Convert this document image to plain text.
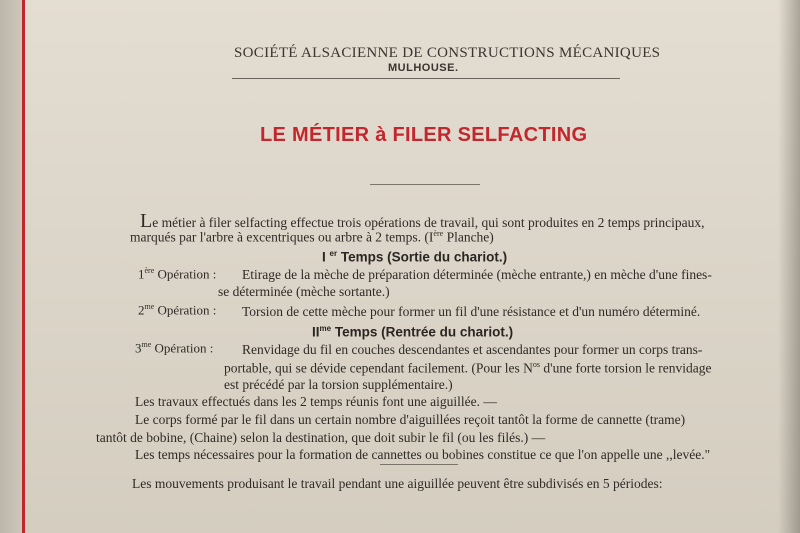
SOCIÉTÉ ALSACIENNE DE CONSTRUCTIONS MÉCANIQUES
MULHOUSE.
LE MÉTIER à FILER SELFACTING
Le métier à filer selfacting effectue trois opérations de travail, qui sont produites en 2 temps principaux,
marqués par l'arbre à excentriques ou arbre à 2 temps. (Ière Planche)
I $^{er}$ Temps (Sortie du chariot.)
1ère Opération : Etirage de la mèche de préparation déterminée (mèche entrante,) en mèche d'une fines-
se déterminée (mèche sortante.)
$2^{me}$ Opération : Torsion de cette mèche pour former un fil d'une résistance et d'un numéro déterminé.
$II^{me}$ Temps (Rentrée du chariot.)
$3^{me}$ Opération : Renvidage du fil en couches descendantes et ascendantes pour former un corps trans-
portable, qui se dévide cependant facilement. (Pour les $N^{os}$ d'une forte torsion le renvidage
est précédé par la torsion supplémentaire.)
Les travaux effectués dans les 2 temps réunis font une aiguillée. —
Le corps formé par le fil dans un certain nombre d'aiguillées reçoit tantôt la forme de cannette (trame)
tantôt de bobine, (Chaine) selon la destination, que doit subir le fil (ou les filés.) —
Les temps nécessaires pour la formation de cannettes ou bobines constitue ce que l'on appelle une ,,levée."
Les mouvements produisant le travail pendant une aiguillée peuvent être subdivisés en 5 périodes:
